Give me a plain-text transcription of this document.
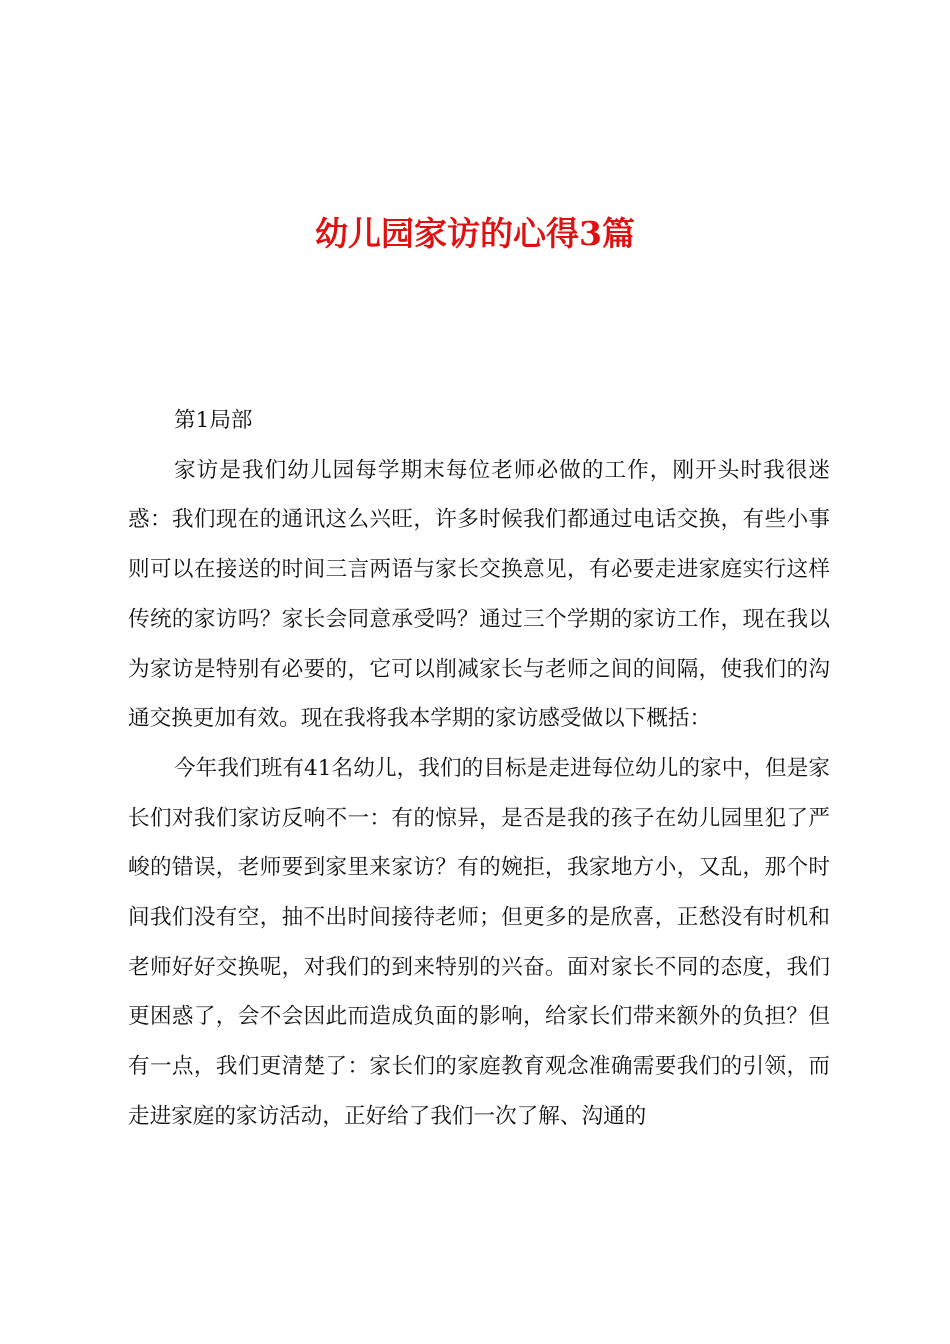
幼儿园家访的心得3篇

第1局部

家访是我们幼儿园每学期末每位老师必做的工作，刚开头时我很迷惑：我们现在的通讯这么兴旺，许多时候我们都通过电话交换，有些小事则可以在接送的时间三言两语与家长交换意见，有必要走进家庭实行这样传统的家访吗？家长会同意承受吗？通过三个学期的家访工作，现在我以为家访是特别有必要的，它可以削减家长与老师之间的间隔，使我们的沟通交换更加有效。现在我将我本学期的家访感受做以下概括：

今年我们班有41名幼儿，我们的目标是走进每位幼儿的家中，但是家长们对我们家访反响不一：有的惊异，是否是我的孩子在幼儿园里犯了严峻的错误，老师要到家里来家访？有的婉拒，我家地方小，又乱，那个时间我们没有空，抽不出时间接待老师；但更多的是欣喜，正愁没有时机和老师好好交换呢，对我们的到来特别的兴奋。面对家长不同的态度，我们更困惑了，会不会因此而造成负面的影响，给家长们带来额外的负担？但有一点，我们更清楚了：家长们的家庭教育观念准确需要我们的引领，而走进家庭的家访活动，正好给了我们一次了解、沟通的
